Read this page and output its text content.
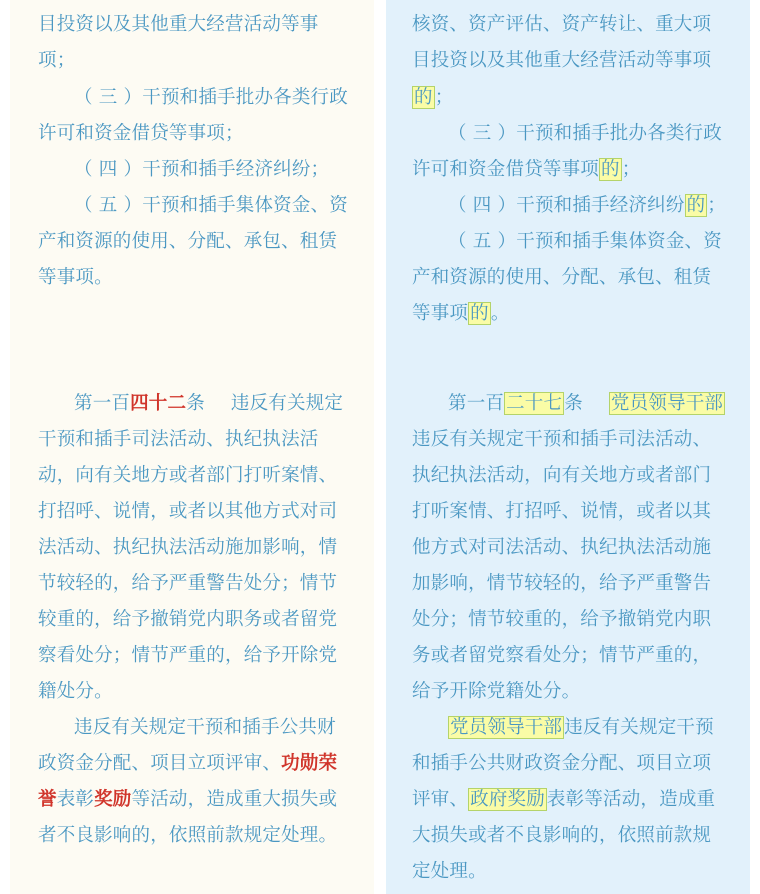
目投资以及其他重大经营活动等事
项；
（ 三 ）干预和插手批办各类行政
许可和资金借贷等事项；
（ 四 ）干预和插手经济纠纷；
（ 五 ）干预和插手集体资金、资
产和资源的使用、分配、承包、租赁
等事项。
第一百四十二条 违反有关规定
干预和插手司法活动、执纪执法活
动，向有关地方或者部门打听案情、
打招呼、说情，或者以其他方式对司
法活动、执纪执法活动施加影响，情
节较轻的，给予严重警告处分；情节
较重的，给予撤销党内职务或者留党
察看处分；情节严重的，给予开除党
籍处分。
违反有关规定干预和插手公共财
政资金分配、项目立项评审、功勋荣
誉表彰奖励等活动，造成重大损失或
者不良影响的，依照前款规定处理。
核资、资产评估、资产转让、重大项
目投资以及其他重大经营活动等事项
的 ；
（ 三 ）干预和插手批办各类行政
许可和资金借贷等事项 的 ；
（ 四 ）干预和插手经济纠纷 的 ；
（ 五 ）干预和插手集体资金、资
产和资源的使用、分配、承包、租赁
等事项 的 。
第一百 二十七 条 党员领导干部
违反有关规定干预和插手司法活动、
执纪执法活动，向有关地方或者部门
打听案情、打招呼、说情，或者以其
他方式对司法活动、执纪执法活动施
加影响，情节较轻的，给予严重警告
处分；情节较重的，给予撤销党内职
务或者留党察看处分；情节严重的，
给予开除党籍处分。
党员领导干部 违反有关规定干预
和插手公共财政资金分配、项目立项
评审、 政府奖励 表彰等活动，造成重
大损失或者不良影响的，依照前款规
定处理。
